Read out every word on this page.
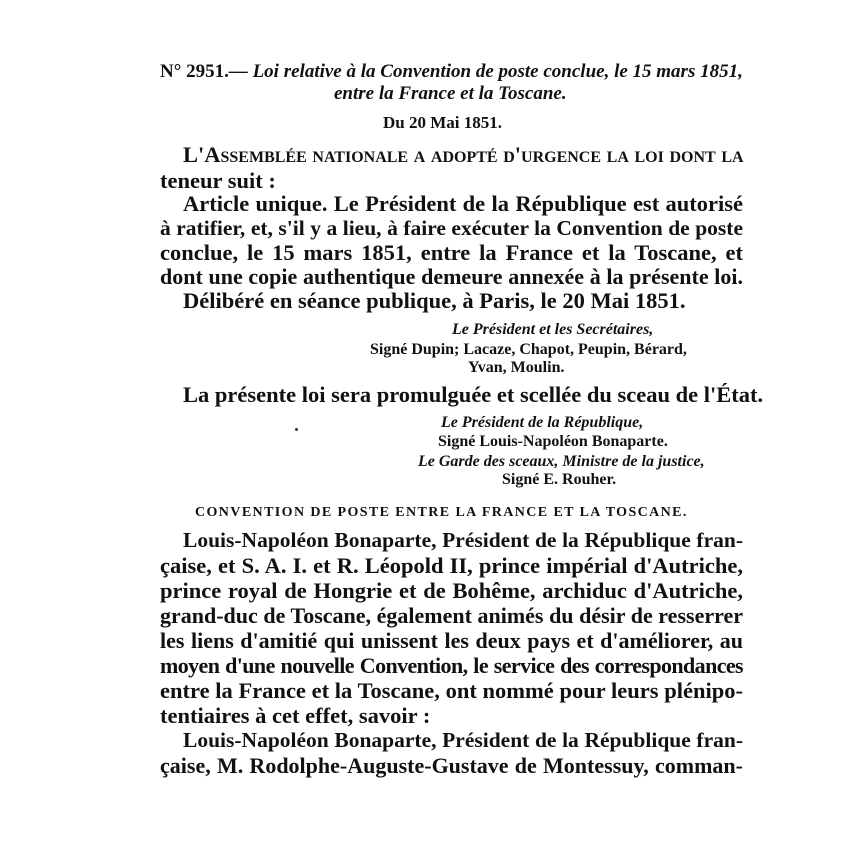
N° 2951.— Loi relative à la Convention de poste conclue, le 15 mars 1851,
entre la France et la Toscane.
Du 20 Mai 1851.
L'Assemblée nationale a adopté d'urgence la loi dont la
teneur suit :
Article unique. Le Président de la République est autorisé
à ratifier, et, s'il y a lieu, à faire exécuter la Convention de poste
conclue, le 15 mars 1851, entre la France et la Toscane, et
dont une copie authentique demeure annexée à la présente loi.
Délibéré en séance publique, à Paris, le 20 Mai 1851.
Le Président et les Secrétaires,
Signé Dupin; Lacaze, Chapot, Peupin, Bérard,
Yvan, Moulin.
La présente loi sera promulguée et scellée du sceau de l'État.
Le Président de la République,
Signé Louis-Napoléon Bonaparte.
Le Garde des sceaux, Ministre de la justice,
Signé E. Rouher.
CONVENTION DE POSTE ENTRE LA FRANCE ET LA TOSCANE.
Louis-Napoléon Bonaparte, Président de la République fran-
çaise, et S. A. I. et R. Léopold II, prince impérial d'Autriche,
prince royal de Hongrie et de Bohême, archiduc d'Autriche,
grand-duc de Toscane, également animés du désir de resserrer
les liens d'amitié qui unissent les deux pays et d'améliorer, au
moyen d'une nouvelle Convention, le service des correspondances
entre la France et la Toscane, ont nommé pour leurs plénipo-
tentiaires à cet effet, savoir :
Louis-Napoléon Bonaparte, Président de la République fran-
çaise, M. Rodolphe-Auguste-Gustave de Montessuy, comman-
